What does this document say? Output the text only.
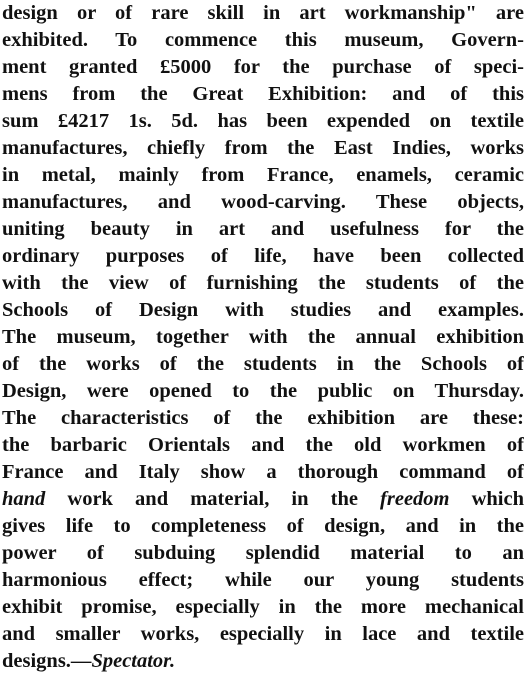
design or of rare skill in art workmanship" are
exhibited. To commence this museum, Govern-
ment granted £5000 for the purchase of speci-
mens from the Great Exhibition: and of this
sum £4217 1s. 5d. has been expended on textile
manufactures, chiefly from the East Indies, works
in metal, mainly from France, enamels, ceramic
manufactures, and wood-carving. These objects,
uniting beauty in art and usefulness for the
ordinary purposes of life, have been collected
with the view of furnishing the students of the
Schools of Design with studies and examples.
The museum, together with the annual exhibition
of the works of the students in the Schools of
Design, were opened to the public on Thursday.
The characteristics of the exhibition are these:
the barbaric Orientals and the old workmen of
France and Italy show a thorough command of
hand work and material, in the freedom which
gives life to completeness of design, and in the
power of subduing splendid material to an
harmonious effect; while our young students
exhibit promise, especially in the more mechanical
and smaller works, especially in lace and textile
designs.—Spectator.
